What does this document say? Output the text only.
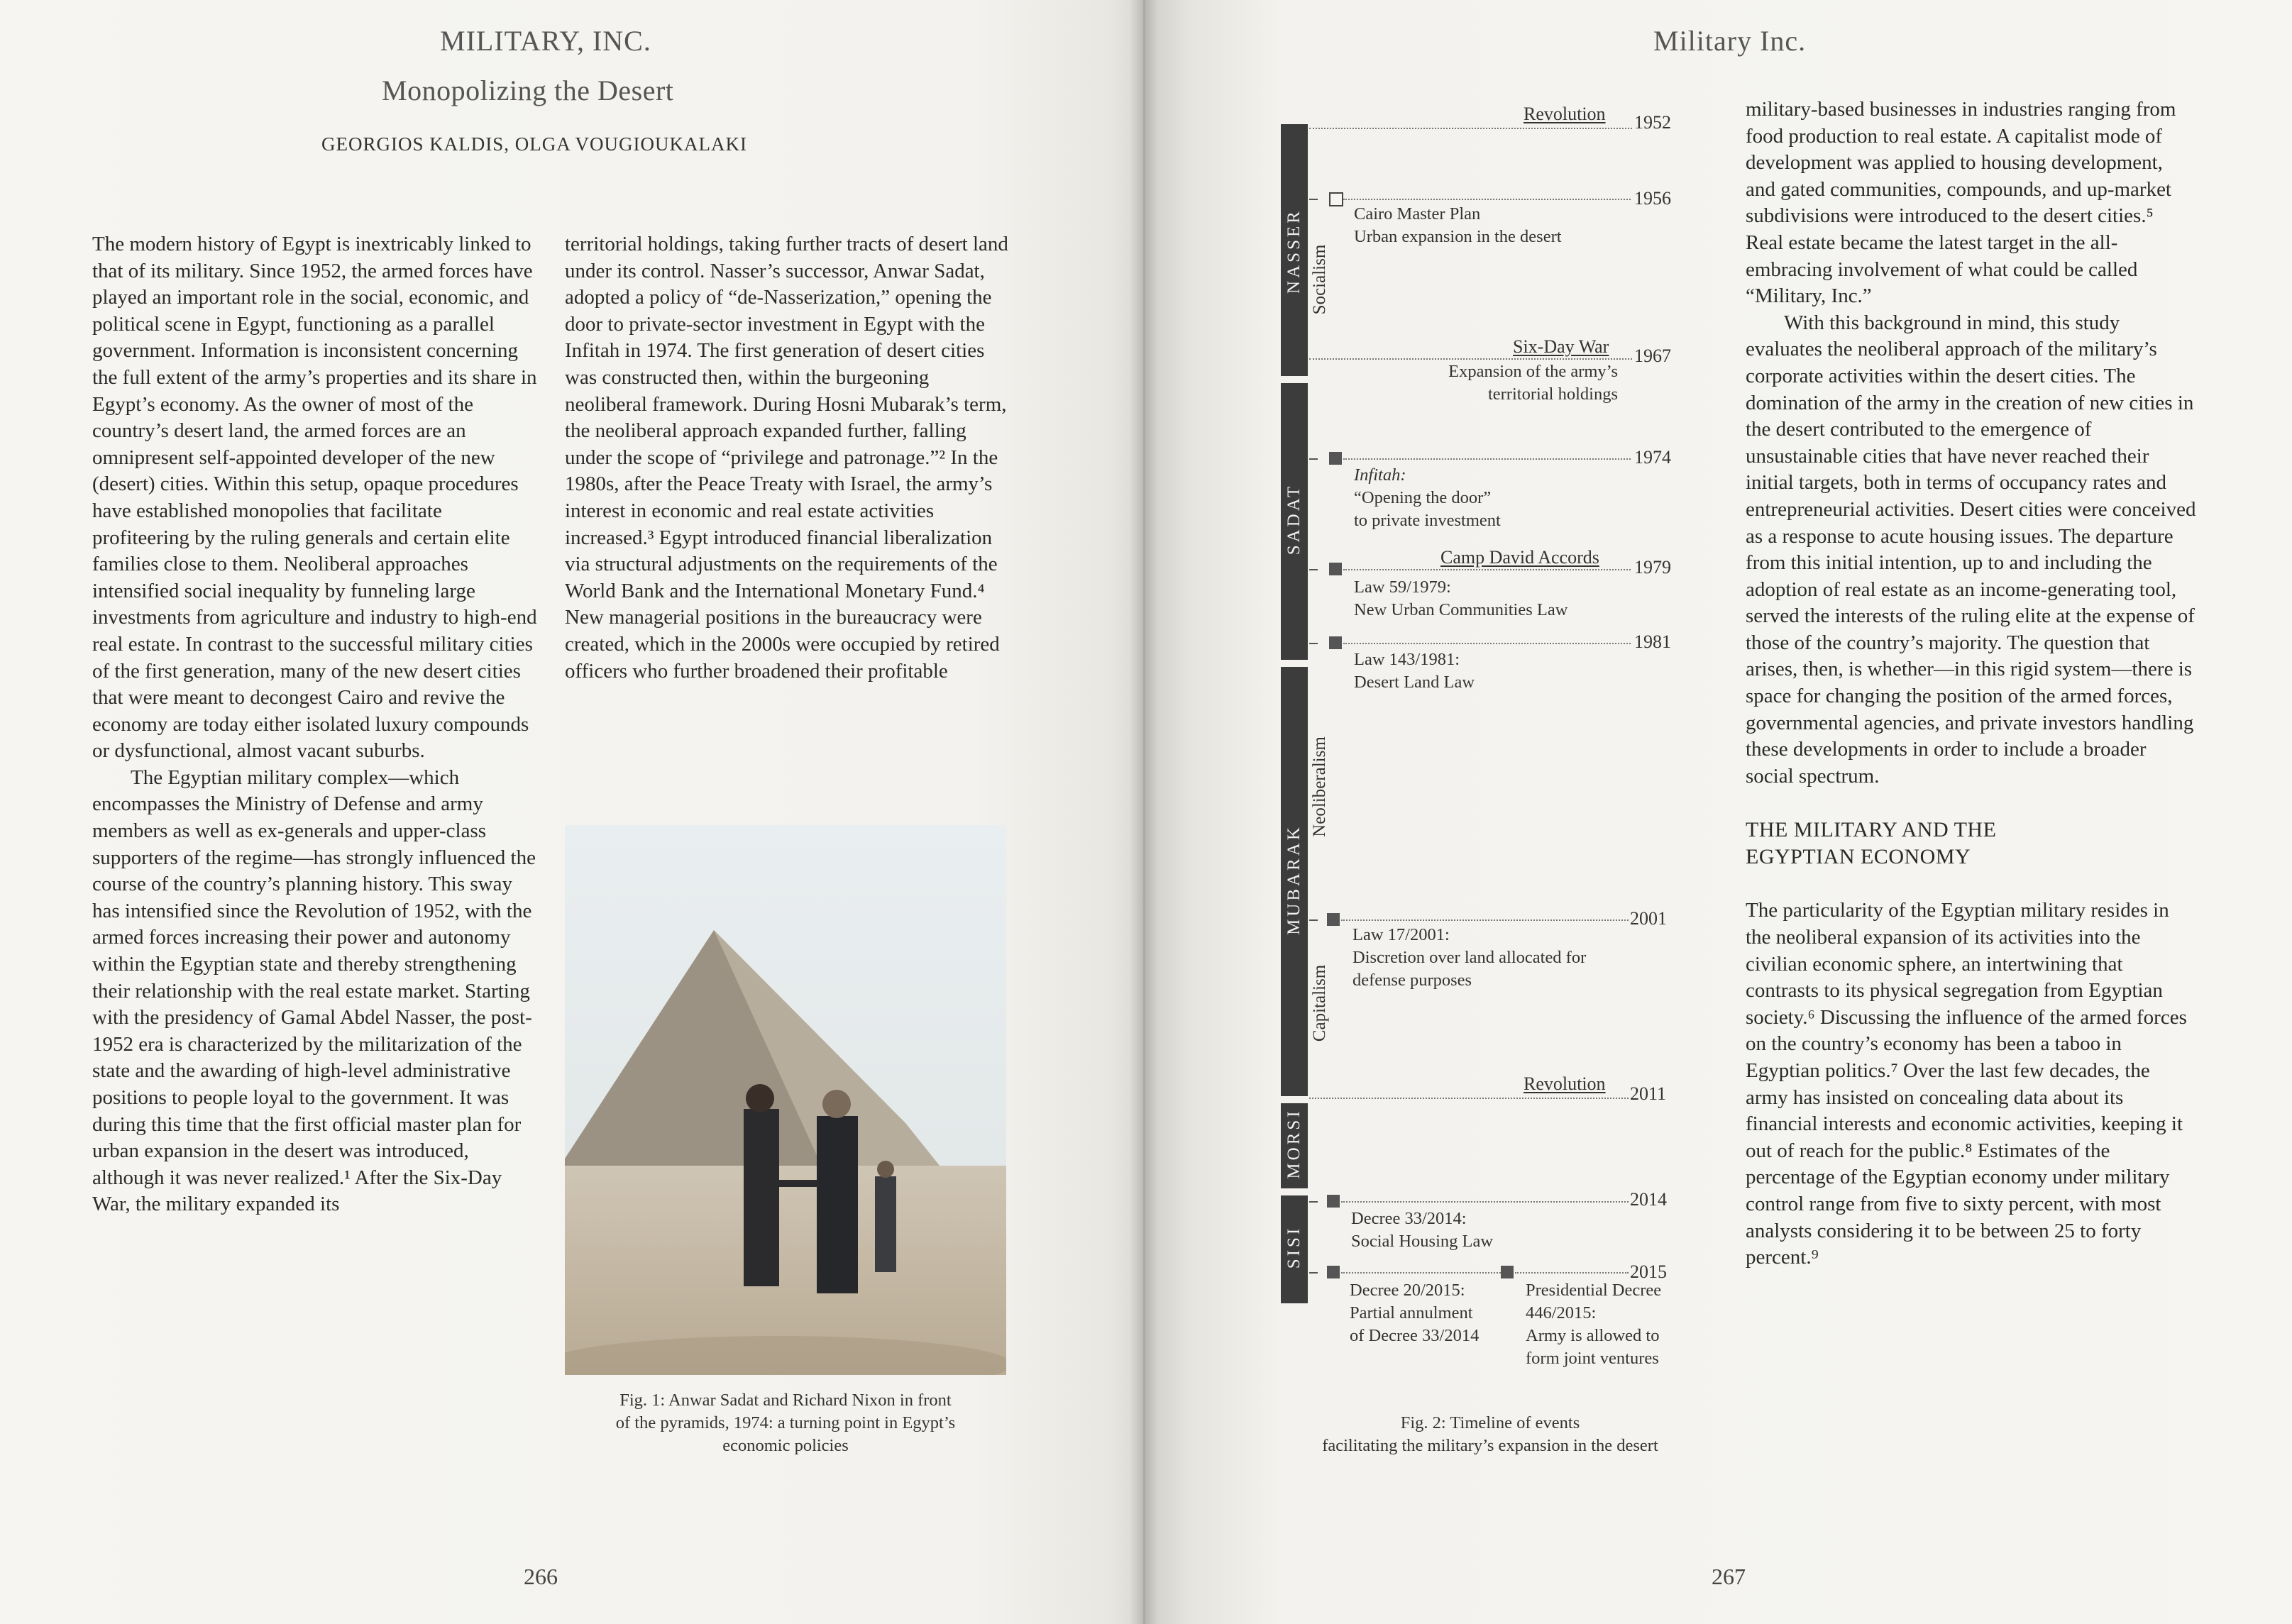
MILITARY, INC.
Monopolizing the Desert
GEORGIOS KALDIS, OLGA VOUGIOUKALAKI

The modern history of Egypt is inextricably linked to that of its military. Since 1952, the armed forces have played an important role in the social, economic, and political scene in Egypt, functioning as a parallel government. Information is inconsistent concerning the full extent of the army’s properties and its share in Egypt’s economy. As the owner of most of the country’s desert land, the armed forces are an omnipresent self-appointed developer of the new (desert) cities. Within this setup, opaque procedures have established monopolies that facilitate profiteering by the ruling generals and certain elite families close to them. Neoliberal approaches intensified social inequality by funneling large investments from agriculture and industry to high-end real estate. In contrast to the successful military cities of the first generation, many of the new desert cities that were meant to decongest Cairo and revive the economy are today either isolated luxury compounds or dysfunctional, almost vacant suburbs.

The Egyptian military complex—which encompasses the Ministry of Defense and army members as well as ex-generals and upper-class supporters of the regime—has strongly influenced the course of the country’s planning history. This sway has intensified since the Revolution of 1952, with the armed forces increasing their power and autonomy within the Egyptian state and thereby strengthening their relationship with the real estate market. Starting with the presidency of Gamal Abdel Nasser, the post-1952 era is characterized by the militarization of the state and the awarding of high-level administrative positions to people loyal to the government. It was during this time that the first official master plan for urban expansion in the desert was introduced, although it was never realized.¹ After the Six-Day War, the military expanded its

territorial holdings, taking further tracts of desert land under its control. Nasser’s successor, Anwar Sadat, adopted a policy of “de-Nasserization,” opening the door to private-sector investment in Egypt with the Infitah in 1974. The first generation of desert cities was constructed then, within the burgeoning neoliberal framework. During Hosni Mubarak’s term, the neoliberal approach expanded further, falling under the scope of “privilege and patronage.”² In the 1980s, after the Peace Treaty with Israel, the army’s interest in economic and real estate activities increased.³ Egypt introduced financial liberalization via structural adjustments on the requirements of the World Bank and the International Monetary Fund.⁴ New managerial positions in the bureaucracy were created, which in the 2000s were occupied by retired officers who further broadened their profitable

Fig. 1: Anwar Sadat and Richard Nixon in front
of the pyramids, 1974: a turning point in Egypt’s
economic policies
266
Military Inc.
NASSER
SADAT
MUBARAK
MORSI
SISI
Socialism
Neoliberalism
Capitalism
Revolution 1952
1956
Cairo Master Plan
Urban expansion in the desert
Six-Day War 1967
Expansion of the army’s
territorial holdings
1974
Infitah:
“Opening the door”
to private investment
Camp David Accords 1979
Law 59/1979:
New Urban Communities Law
1981
Law 143/1981:
Desert Land Law
2001
Law 17/2001:
Discretion over land allocated for
defense purposes
Revolution 2011
2014
Decree 33/2014:
Social Housing Law
2015
Decree 20/2015:
Partial annulment
of Decree 33/2014
Presidential Decree
446/2015:
Army is allowed to
form joint ventures
Fig. 2: Timeline of events
facilitating the military’s expansion in the desert

military-based businesses in industries ranging from food production to real estate. A capitalist mode of development was applied to housing development, and gated communities, compounds, and up-market subdivisions were introduced to the desert cities.⁵ Real estate became the latest target in the all-embracing involvement of what could be called “Military, Inc.”

With this background in mind, this study evaluates the neoliberal approach of the military’s corporate activities within the desert cities. The domination of the army in the creation of new cities in the desert contributed to the emergence of unsustainable cities that have never reached their initial targets, both in terms of occupancy rates and entrepreneurial activities. Desert cities were conceived as a response to acute housing issues. The departure from this initial intention, up to and including the adoption of real estate as an income-generating tool, served the interests of the ruling elite at the expense of those of the country’s majority. The question that arises, then, is whether—in this rigid system—there is space for changing the position of the armed forces, governmental agencies, and private investors handling these developments in order to include a broader social spectrum.

THE MILITARY AND THE
EGYPTIAN ECONOMY

The particularity of the Egyptian military resides in the neoliberal expansion of its activities into the civilian economic sphere, an intertwining that contrasts to its physical segregation from Egyptian society.⁶ Discussing the influence of the armed forces on the country’s economy has been a taboo in Egyptian politics.⁷ Over the last few decades, the army has insisted on concealing data about its financial interests and economic activities, keeping it out of reach for the public.⁸ Estimates of the percentage of the Egyptian economy under military control range from five to sixty percent, with most analysts considering it to be between 25 to forty percent.⁹

267
